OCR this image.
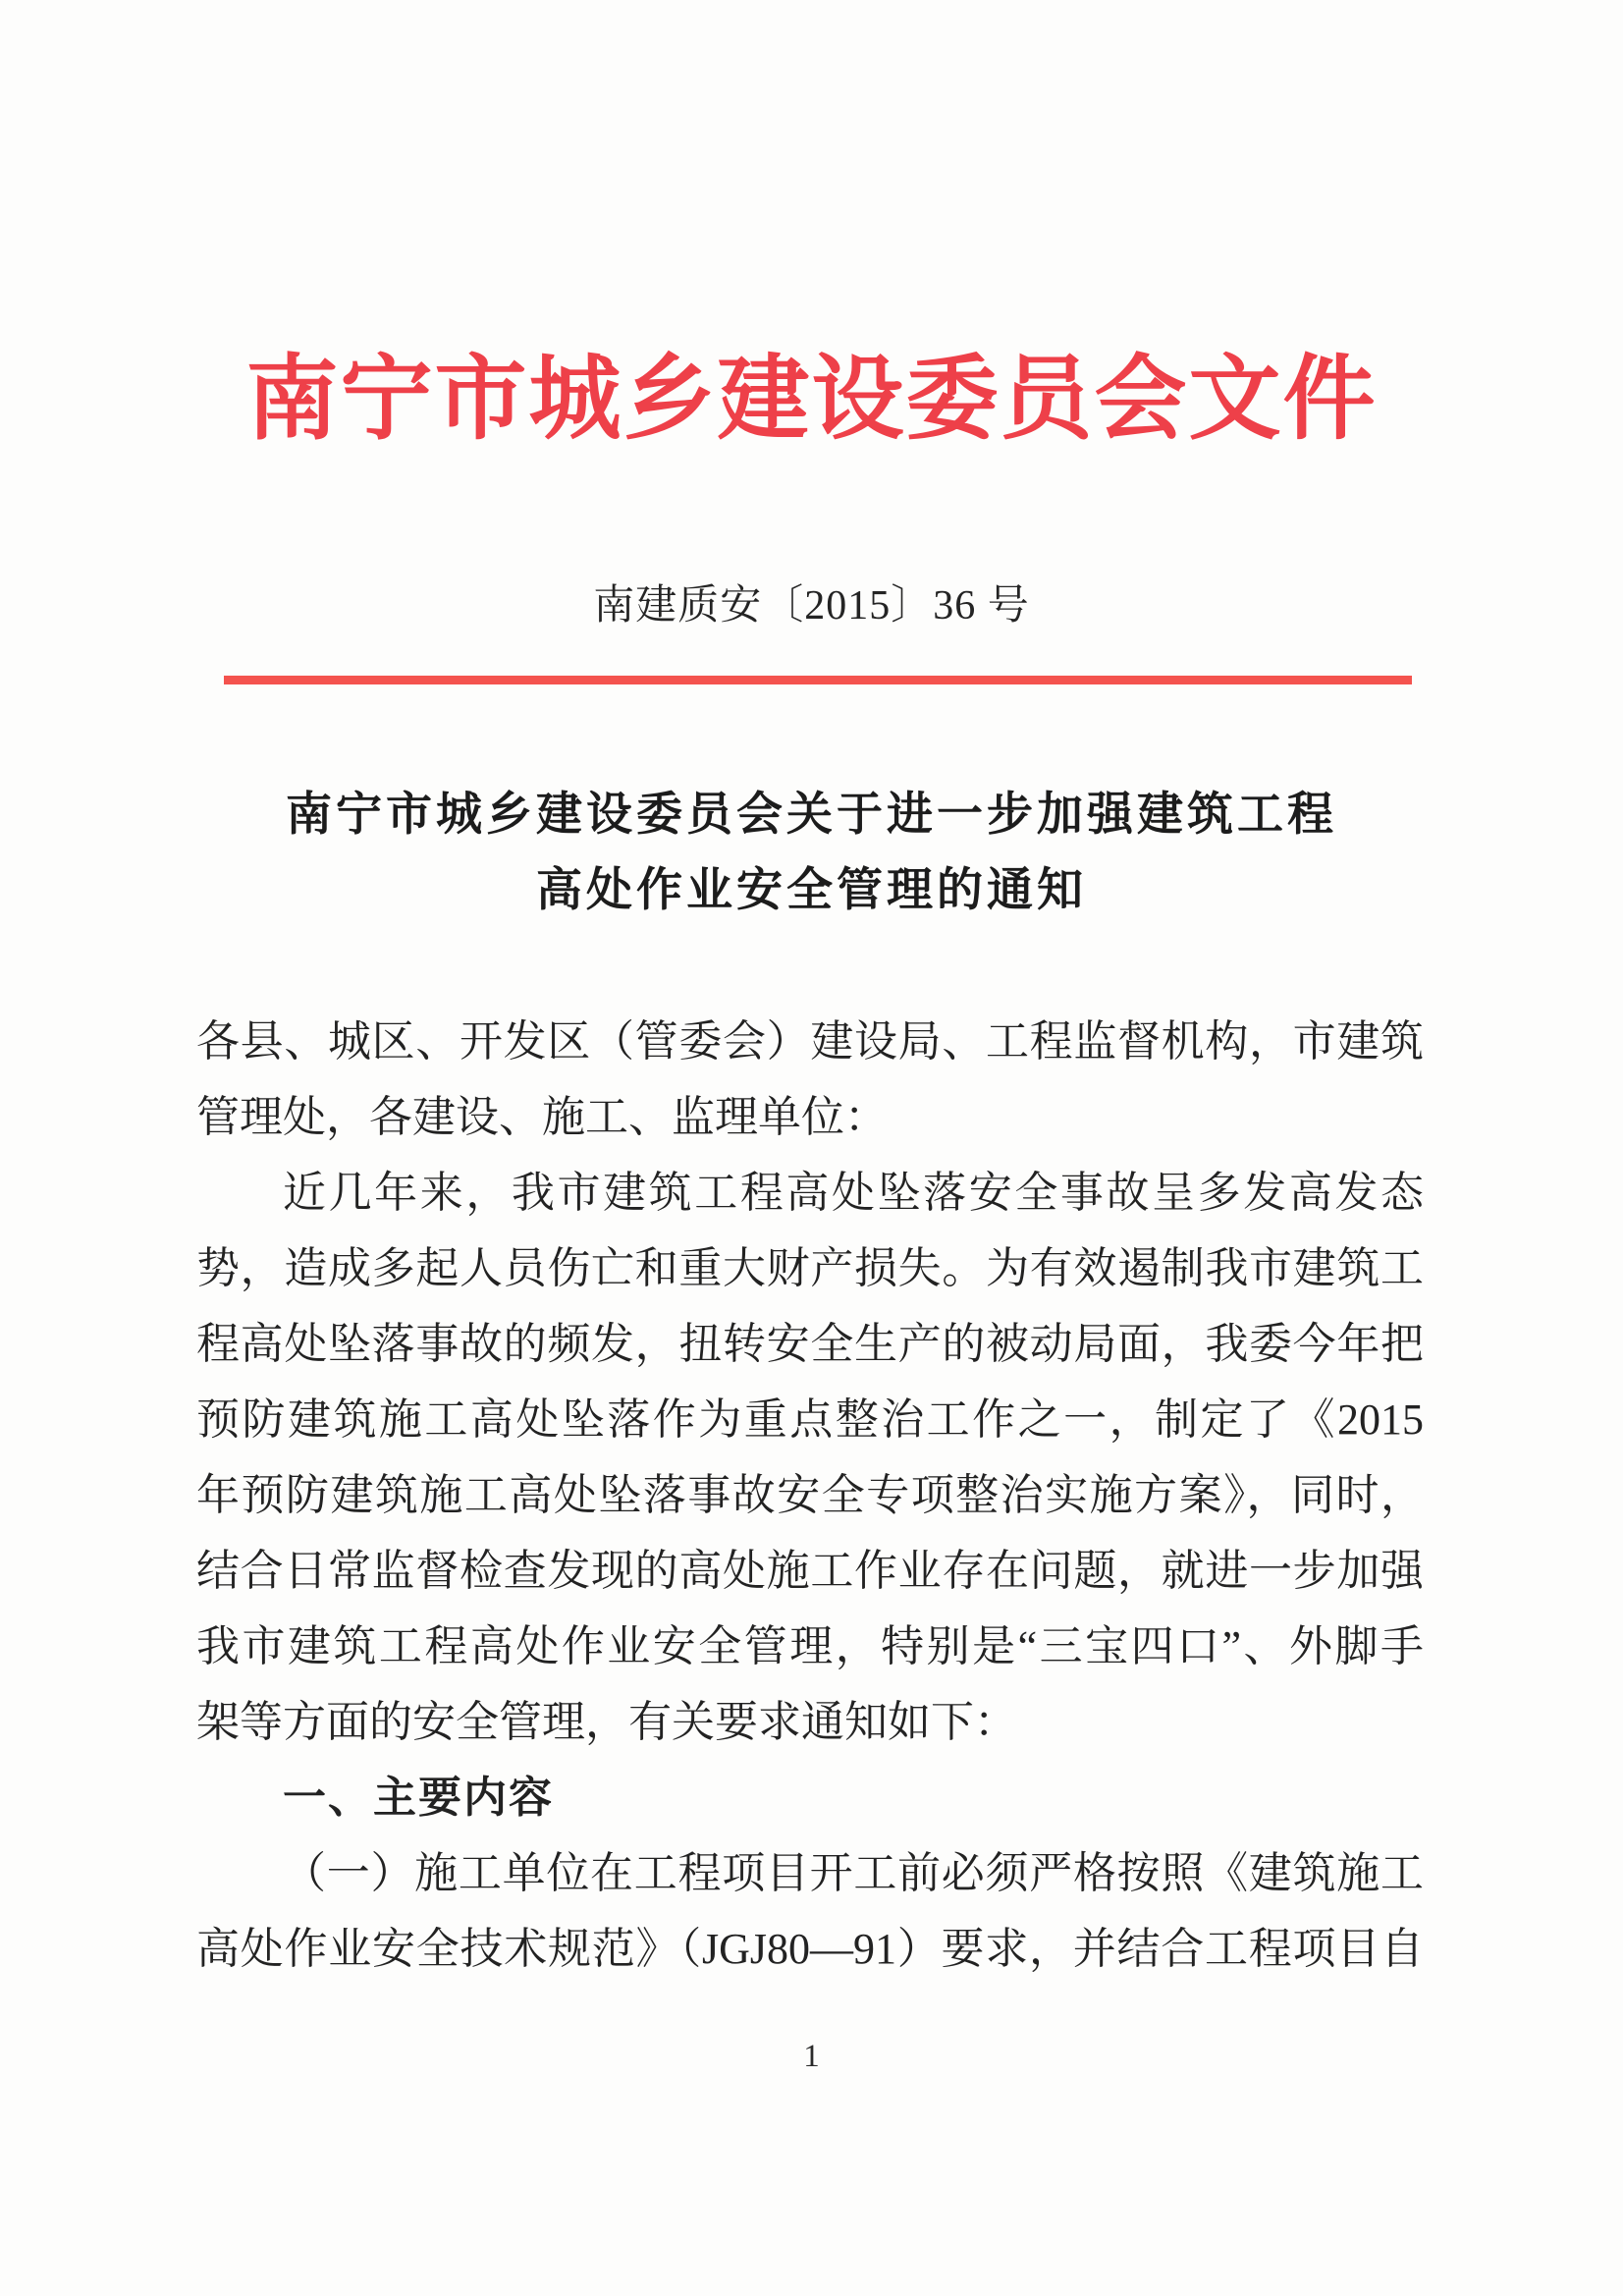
南宁市城乡建设委员会文件
南建质安〔2015〕36 号
南宁市城乡建设委员会关于进一步加强建筑工程
高处作业安全管理的通知
各县、城区、开发区（管委会）建设局、工程监督机构，市建筑
管理处，各建设、施工、监理单位：
近几年来，我市建筑工程高处坠落安全事故呈多发高发态
势，造成多起人员伤亡和重大财产损失。为有效遏制我市建筑工
程高处坠落事故的频发，扭转安全生产的被动局面，我委今年把
预防建筑施工高处坠落作为重点整治工作之一，制定了《2015
年预防建筑施工高处坠落事故安全专项整治实施方案》，同时，
结合日常监督检查发现的高处施工作业存在问题，就进一步加强
我市建筑工程高处作业安全管理，特别是“三宝四口”、外脚手
架等方面的安全管理，有关要求通知如下：
一、主要内容
（一）施工单位在工程项目开工前必须严格按照《建筑施工
高处作业安全技术规范》（JGJ80—91）要求，并结合工程项目自
1
